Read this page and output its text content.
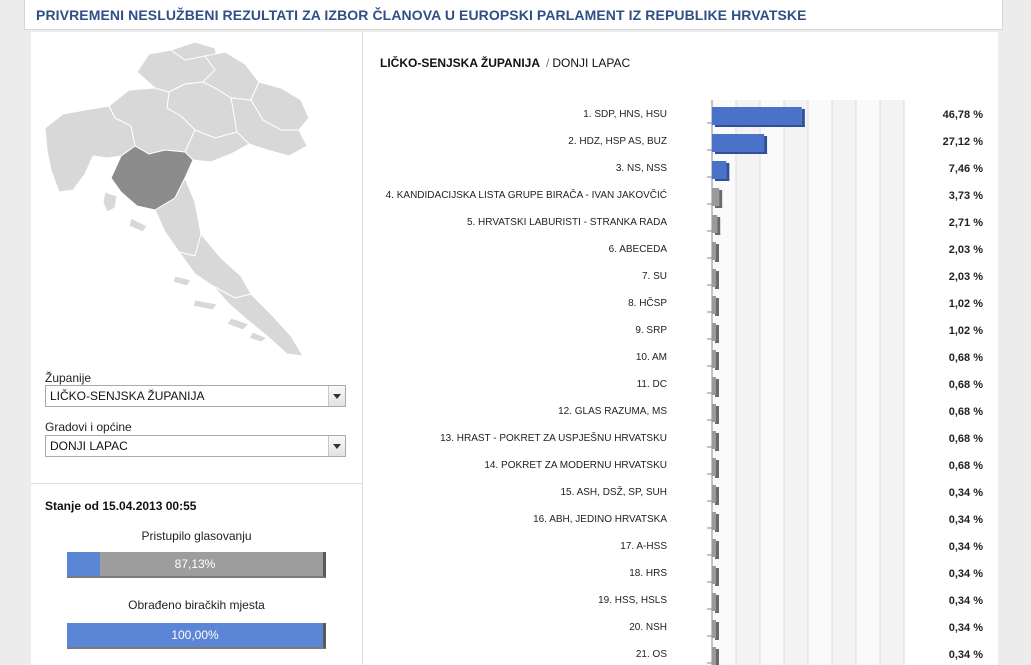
PRIVREMENI NESLUŽBENI REZULTATI ZA IZBOR ČLANOVA U EUROPSKI PARLAMENT IZ REPUBLIKE HRVATSKE
Županije
LIČKO-SENJSKA ŽUPANIJA
Gradovi i općine
DONJI LAPAC
Stanje od 15.04.2013 00:55
Pristupilo glasovanju
87,13%
Obrađeno biračkih mjesta
100,00%
LIČKO-SENJSKA ŽUPANIJA / DONJI LAPAC
1. SDP, HNS, HSU	46,78 %
2. HDZ, HSP AS, BUZ	27,12 %
3. NS, NSS	7,46 %
4. KANDIDACIJSKA LISTA GRUPE BIRAČA - IVAN JAKOVČIĆ	3,73 %
5. HRVATSKI LABURISTI - STRANKA RADA	2,71 %
6. ABECEDA	2,03 %
7. SU	2,03 %
8. HČSP	1,02 %
9. SRP	1,02 %
10. AM	0,68 %
11. DC	0,68 %
12. GLAS RAZUMA, MS	0,68 %
13. HRAST - POKRET ZA USPJEŠNU HRVATSKU	0,68 %
14. POKRET ZA MODERNU HRVATSKU	0,68 %
15. ASH, DSŽ, SP, SUH	0,34 %
16. ABH, JEDINO HRVATSKA	0,34 %
17. A-HSS	0,34 %
18. HRS	0,34 %
19. HSS, HSLS	0,34 %
20. NSH	0,34 %
21. OS	0,34 %
